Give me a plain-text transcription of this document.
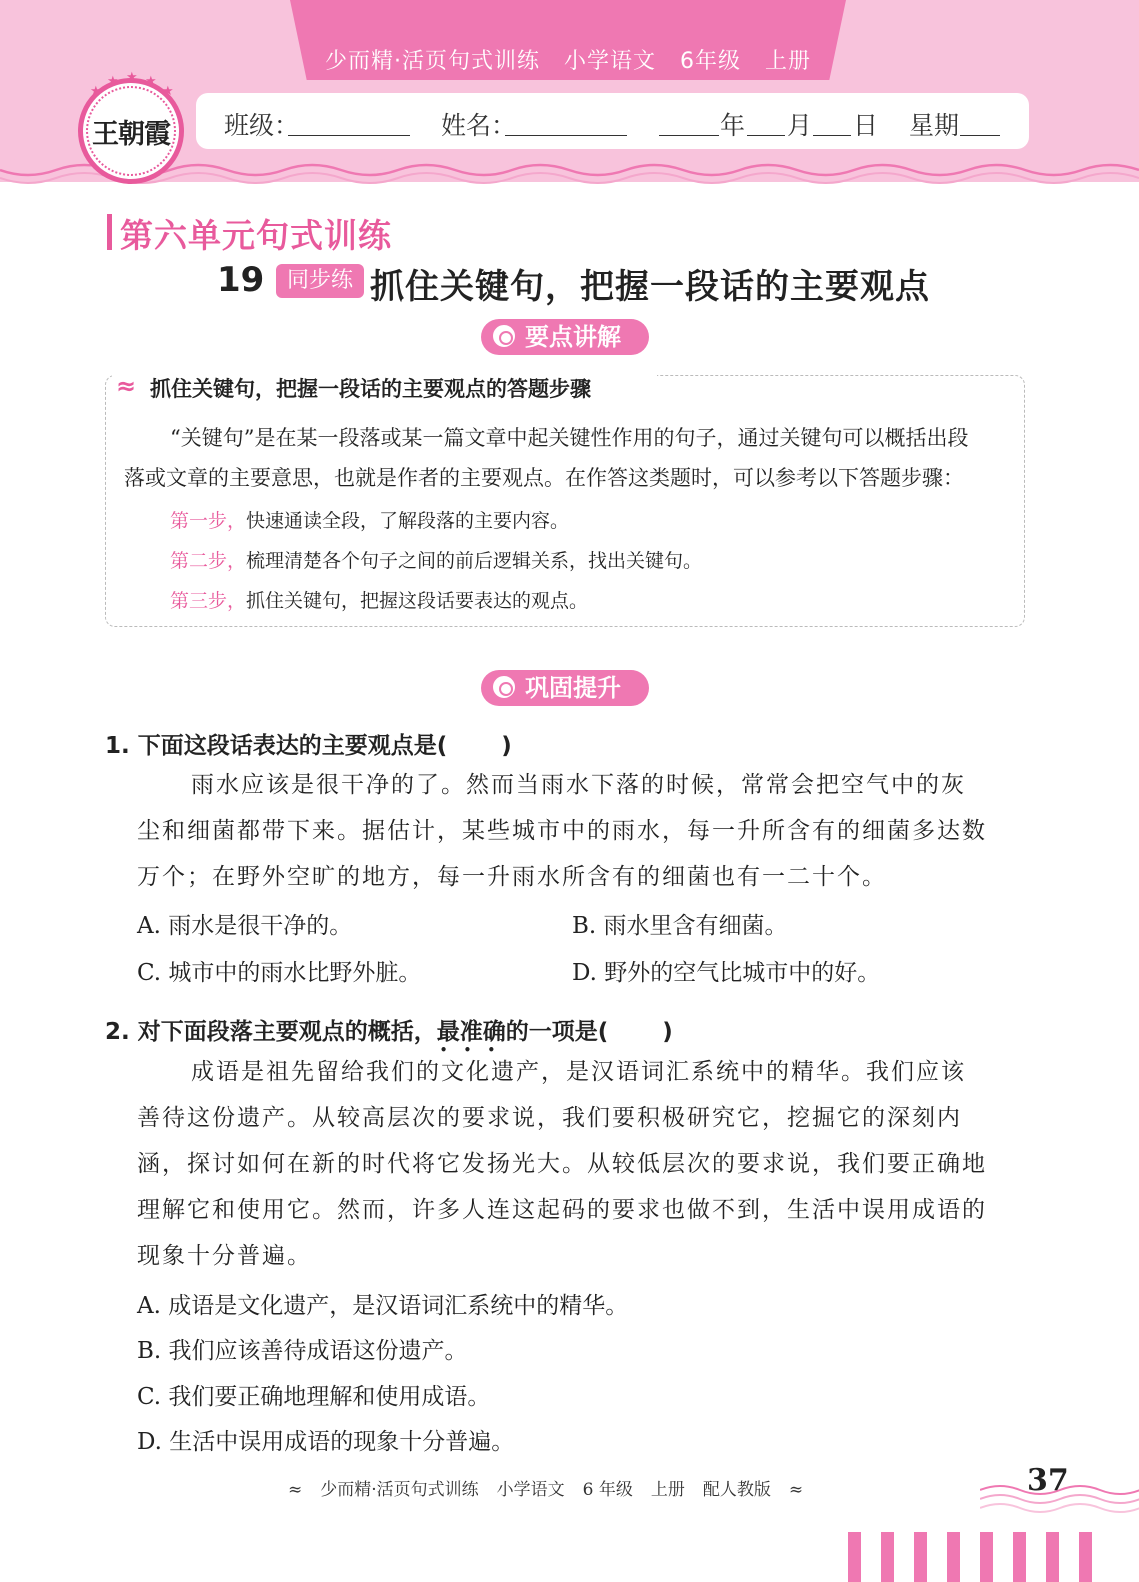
少而精·活页句式训练 小学语文 6年级 上册
班级：	姓名：	年 月 日 星期
★
★ ★ ★
★
王朝霞
第六单元句式训练
19	同步练 抓住关键句，把握一段话的主要观点
要点讲解
≈ 抓住关键句，把握一段话的主要观点的答题步骤
“关键句”是在某一段落或某一篇文章中起关键性作用的句子，通过关键句可以概括出段
落或文章的主要意思，也就是作者的主要观点。在作答这类题时，可以参考以下答题步骤：
第一步，快速通读全段，了解段落的主要内容。
第二步，梳理清楚各个句子之间的前后逻辑关系，找出关键句。
第三步，抓住关键句，把握这段话要表达的观点。
巩固提升
1. 下面这段话表达的主要观点是( )
雨水应该是很干净的了。然而当雨水下落的时候，常常会把空气中的灰
尘和细菌都带下来。据估计，某些城市中的雨水，每一升所含有的细菌多达数
万个；在野外空旷的地方，每一升雨水所含有的细菌也有一二十个。
A. 雨水是很干净的。	B. 雨水里含有细菌。
C. 城市中的雨水比野外脏。	D. 野外的空气比城市中的好。
2. 对下面段落主要观点的概括，最准确 • • •的一项是( )
成语是祖先留给我们的文化遗产，是汉语词汇系统中的精华。我们应该
善待这份遗产。从较高层次的要求说，我们要积极研究它，挖掘它的深刻内
涵，探讨如何在新的时代将它发扬光大。从较低层次的要求说，我们要正确地
理解它和使用它。然而，许多人连这起码的要求也做不到，生活中误用成语的
现象十分普遍。
A. 成语是文化遗产，是汉语词汇系统中的精华。
B. 我们应该善待成语这份遗产。
C. 我们要正确地理解和使用成语。
D. 生活中误用成语的现象十分普遍。
≈ 少而精·活页句式训练 小学语文 6 年级 上册 配人教版 ≈	37
